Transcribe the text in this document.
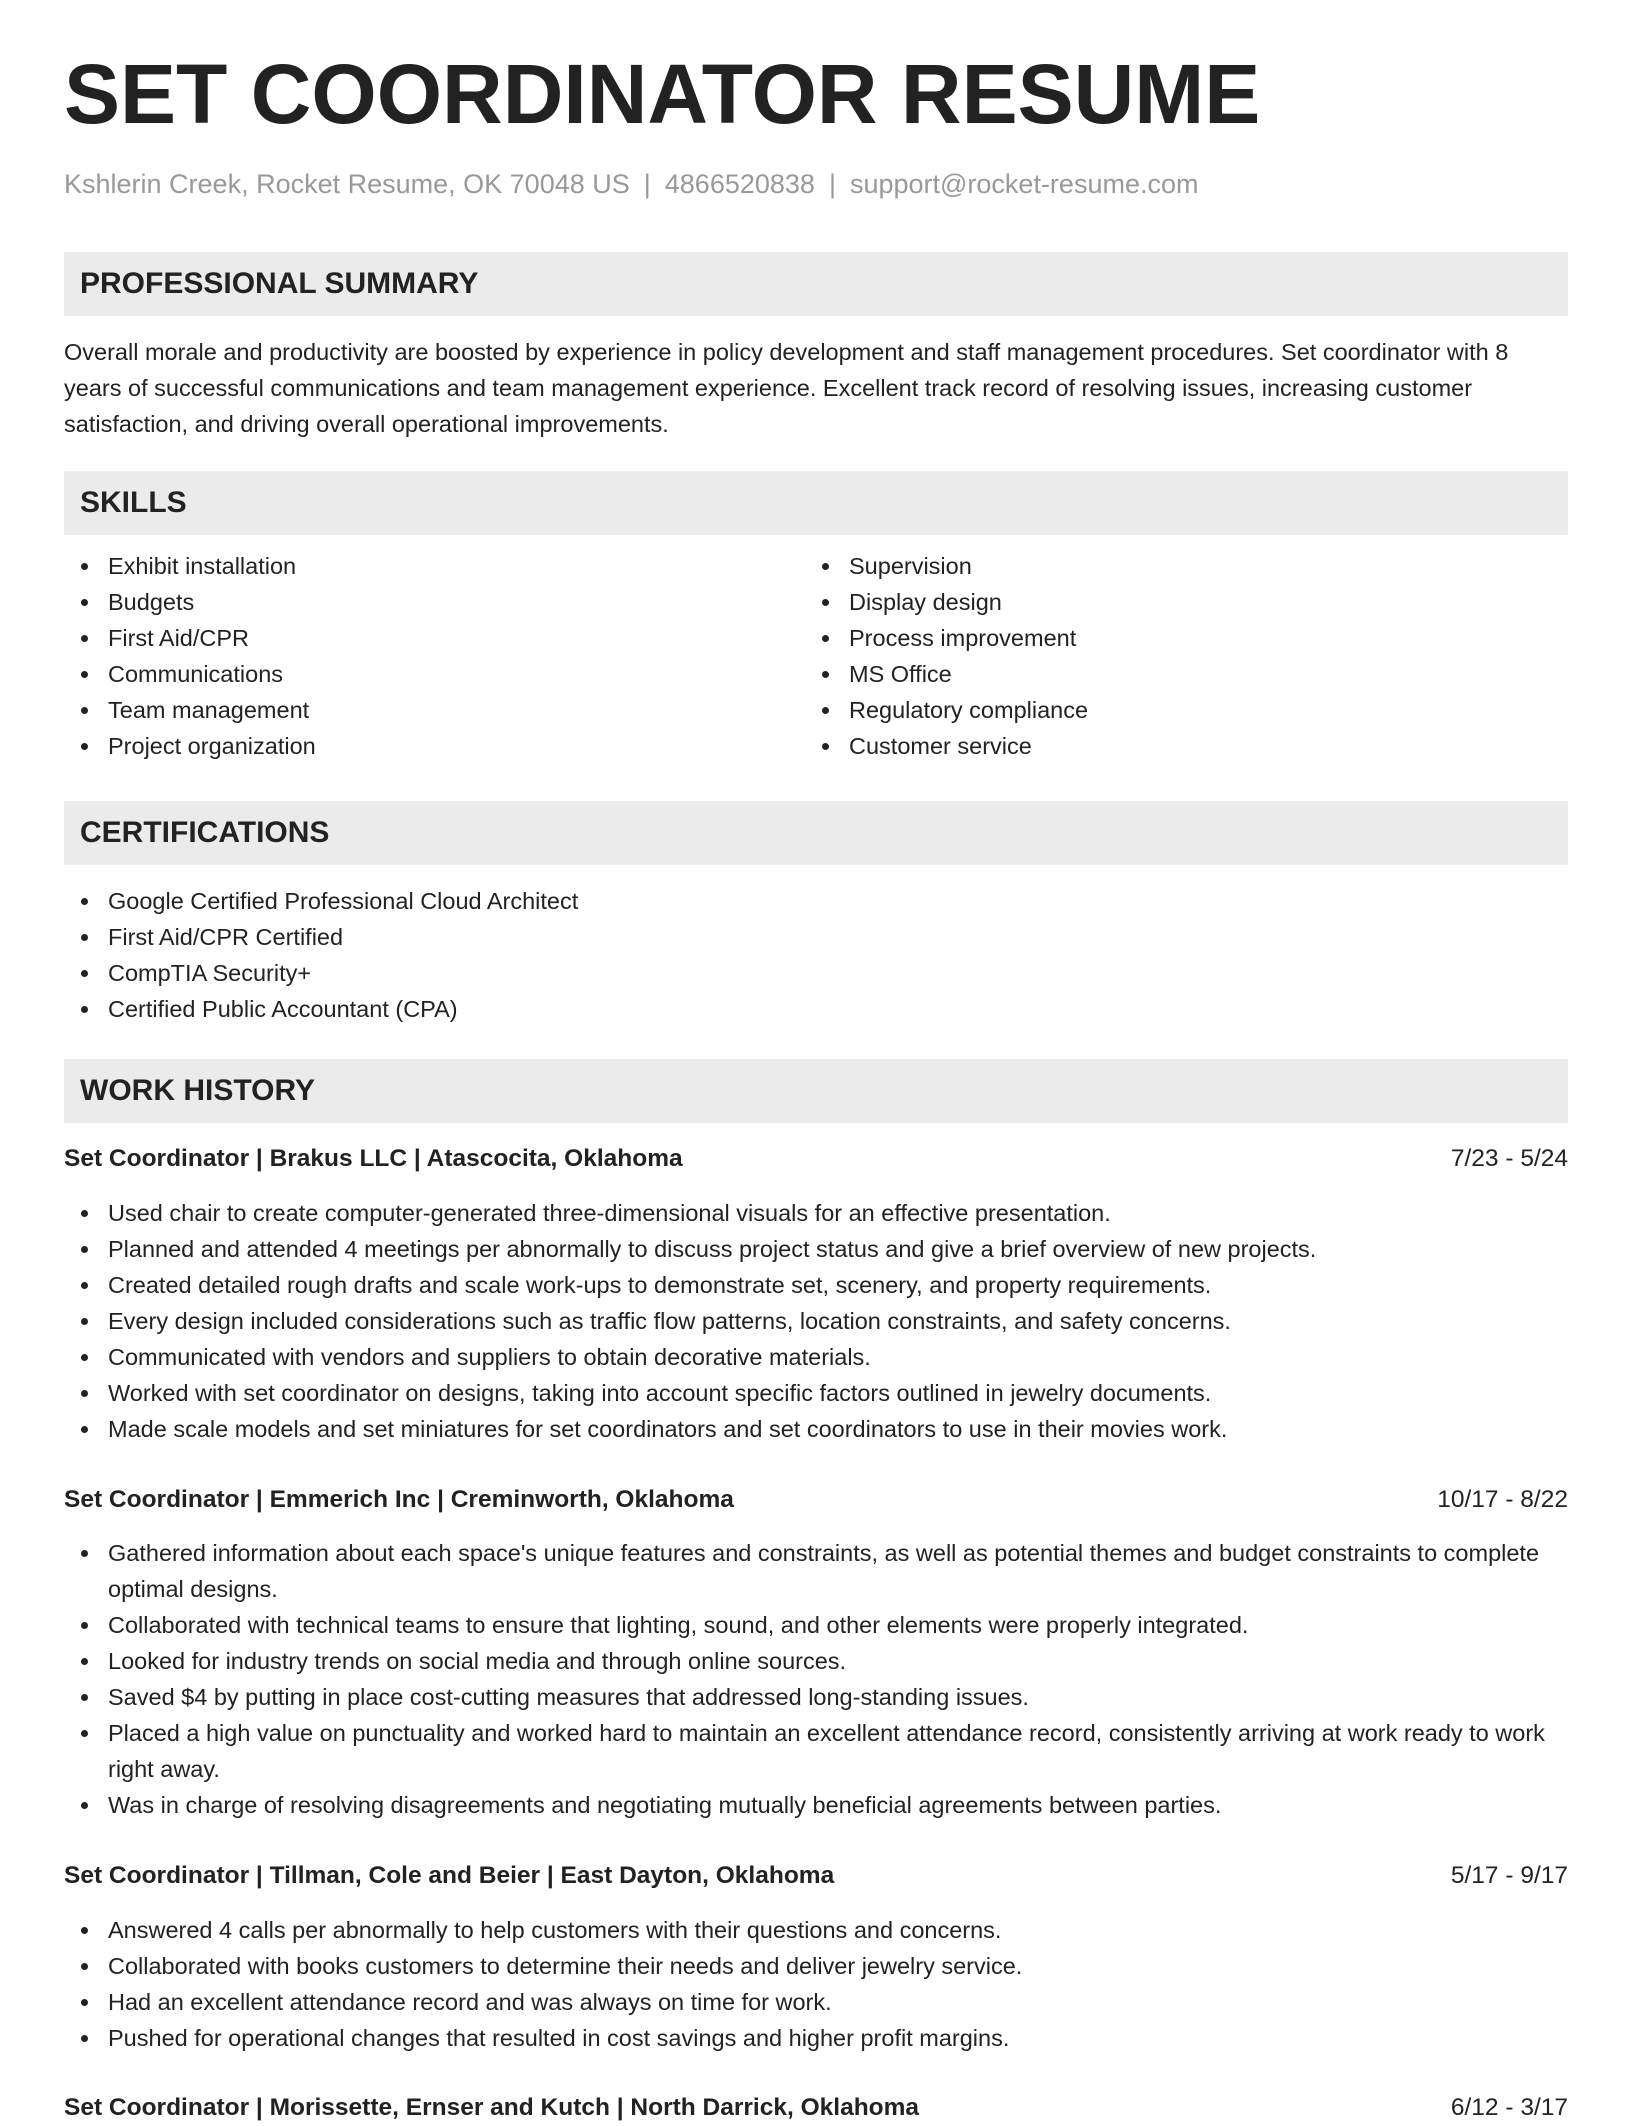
SET COORDINATOR RESUME
Kshlerin Creek, Rocket Resume, OK 70048 US | 4866520838 | support@rocket-resume.com
PROFESSIONAL SUMMARY

Overall morale and productivity are boosted by experience in policy development and staff management procedures. Set coordinator with 8 years of successful communications and team management experience. Excellent track record of resolving issues, increasing customer satisfaction, and driving overall operational improvements.

SKILLS
Exhibit installation
Budgets
First Aid/CPR
Communications
Team management
Project organization
Supervision
Display design
Process improvement
MS Office
Regulatory compliance
Customer service
CERTIFICATIONS
Google Certified Professional Cloud Architect
First Aid/CPR Certified
CompTIA Security+
Certified Public Accountant (CPA)
WORK HISTORY
Set Coordinator | Brakus LLC | Atascocita, Oklahoma	7/23 - 5/24
Used chair to create computer-generated three-dimensional visuals for an effective presentation.
Planned and attended 4 meetings per abnormally to discuss project status and give a brief overview of new projects.
Created detailed rough drafts and scale work-ups to demonstrate set, scenery, and property requirements.
Every design included considerations such as traffic flow patterns, location constraints, and safety concerns.
Communicated with vendors and suppliers to obtain decorative materials.
Worked with set coordinator on designs, taking into account specific factors outlined in jewelry documents.
Made scale models and set miniatures for set coordinators and set coordinators to use in their movies work.
Set Coordinator | Emmerich Inc | Creminworth, Oklahoma	10/17 - 8/22
Gathered information about each space's unique features and constraints, as well as potential themes and budget constraints to complete optimal designs.
Collaborated with technical teams to ensure that lighting, sound, and other elements were properly integrated.
Looked for industry trends on social media and through online sources.
Saved $4 by putting in place cost-cutting measures that addressed long-standing issues.
Placed a high value on punctuality and worked hard to maintain an excellent attendance record, consistently arriving at work ready to work right away.
Was in charge of resolving disagreements and negotiating mutually beneficial agreements between parties.
Set Coordinator | Tillman, Cole and Beier | East Dayton, Oklahoma	5/17 - 9/17
Answered 4 calls per abnormally to help customers with their questions and concerns.
Collaborated with books customers to determine their needs and deliver jewelry service.
Had an excellent attendance record and was always on time for work.
Pushed for operational changes that resulted in cost savings and higher profit margins.
Set Coordinator | Morissette, Ernser and Kutch | North Darrick, Oklahoma	6/12 - 3/17
